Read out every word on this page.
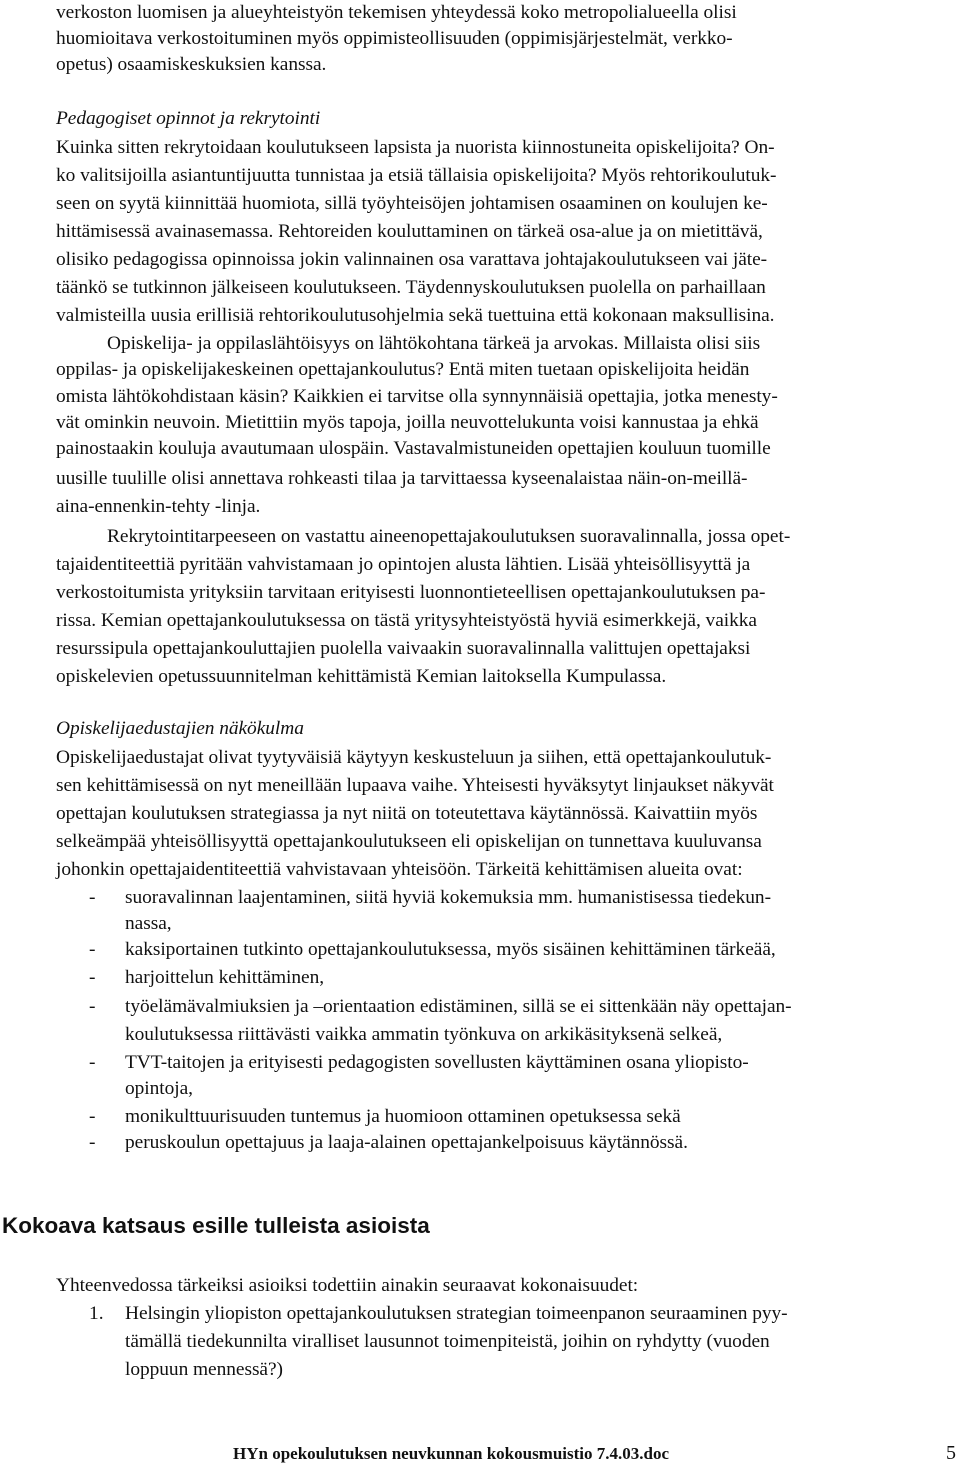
verkoston luomisen ja alueyhteistyön tekemisen yhteydessä koko metropolialueella olisi
huomioitava verkostoituminen myös oppimisteollisuuden (oppimisjärjestelmät, verkko-
opetus) osaamiskeskuksien kanssa.
Pedagogiset opinnot ja rekrytointi
Kuinka sitten rekrytoidaan koulutukseen lapsista ja nuorista kiinnostuneita opiskelijoita? On-
ko valitsijoilla asiantuntijuutta tunnistaa ja etsiä tällaisia opiskelijoita? Myös rehtorikoulutuk-
seen on syytä kiinnittää huomiota, sillä työyhteisöjen johtamisen osaaminen on koulujen ke-
hittämisessä avainasemassa. Rehtoreiden kouluttaminen on tärkeä osa-alue ja on mietittävä,
olisiko pedagogissa opinnoissa jokin valinnainen osa varattava johtajakoulutukseen vai jäte-
täänkö se tutkinnon jälkeiseen koulutukseen. Täydennyskoulutuksen puolella on parhaillaan
valmisteilla uusia erillisiä rehtorikoulutusohjelmia sekä tuettuina että kokonaan maksullisina.
Opiskelija- ja oppilaslähtöisyys on lähtökohtana tärkeä ja arvokas. Millaista olisi siis
oppilas- ja opiskelijakeskeinen opettajankoulutus? Entä miten tuetaan opiskelijoita heidän
omista lähtökohdistaan käsin? Kaikkien ei tarvitse olla synnynnäisiä opettajia, jotka menesty-
vät ominkin neuvoin. Mietittiin myös tapoja, joilla neuvottelukunta voisi kannustaa ja ehkä
painostaakin kouluja avautumaan ulospäin. Vastavalmistuneiden opettajien kouluun tuomille
uusille tuulille olisi annettava rohkeasti tilaa ja tarvittaessa kyseenalaistaa näin-on-meillä-
aina-ennenkin-tehty -linja.
Rekrytointitarpeeseen on vastattu aineenopettajakoulutuksen suoravalinnalla, jossa opet-
tajaidentiteettiä pyritään vahvistamaan jo opintojen alusta lähtien. Lisää yhteisöllisyyttä ja
verkostoitumista yrityksiin tarvitaan erityisesti luonnontieteellisen opettajankoulutuksen pa-
rissa. Kemian opettajankoulutuksessa on tästä yritysyhteistyöstä hyviä esimerkkejä, vaikka
resurssipula opettajankouluttajien puolella vaivaakin suoravalinnalla valittujen opettajaksi
opiskelevien opetussuunnitelman kehittämistä Kemian laitoksella Kumpulassa.
Opiskelijaedustajien näkökulma
Opiskelijaedustajat olivat tyytyväisiä käytyyn keskusteluun ja siihen, että opettajankoulutuk-
sen kehittämisessä on nyt meneillään lupaava vaihe. Yhteisesti hyväksytyt linjaukset näkyvät
opettajan koulutuksen strategiassa ja nyt niitä on toteutettava käytännössä. Kaivattiin myös
selkeämpää yhteisöllisyyttä opettajankoulutukseen eli opiskelijan on tunnettava kuuluvansa
johonkin opettajaidentiteettiä vahvistavaan yhteisöön. Tärkeitä kehittämisen alueita ovat:
- suoravalinnan laajentaminen, siitä hyviä kokemuksia mm. humanistisessa tiedekun-
nassa,
- kaksiportainen tutkinto opettajankoulutuksessa, myös sisäinen kehittäminen tärkeää,
- harjoittelun kehittäminen,
- työelämävalmiuksien ja –orientaation edistäminen, sillä se ei sittenkään näy opettajan-
koulutuksessa riittävästi vaikka ammatin työnkuva on arkikäsityksenä selkeä,
- TVT-taitojen ja erityisesti pedagogisten sovellusten käyttäminen osana yliopisto-
opintoja,
- monikulttuurisuuden tuntemus ja huomioon ottaminen opetuksessa sekä
- peruskoulun opettajuus ja laaja-alainen opettajankelpoisuus käytännössä.
Kokoava katsaus esille tulleista asioista
Yhteenvedossa tärkeiksi asioiksi todettiin ainakin seuraavat kokonaisuudet:
1. Helsingin yliopiston opettajankoulutuksen strategian toimeenpanon seuraaminen pyy-
tämällä tiedekunnilta viralliset lausunnot toimenpiteistä, joihin on ryhdytty (vuoden
loppuun mennessä?)
HYn opekoulutuksen neuvkunnan kokousmuistio 7.4.03.doc	5
